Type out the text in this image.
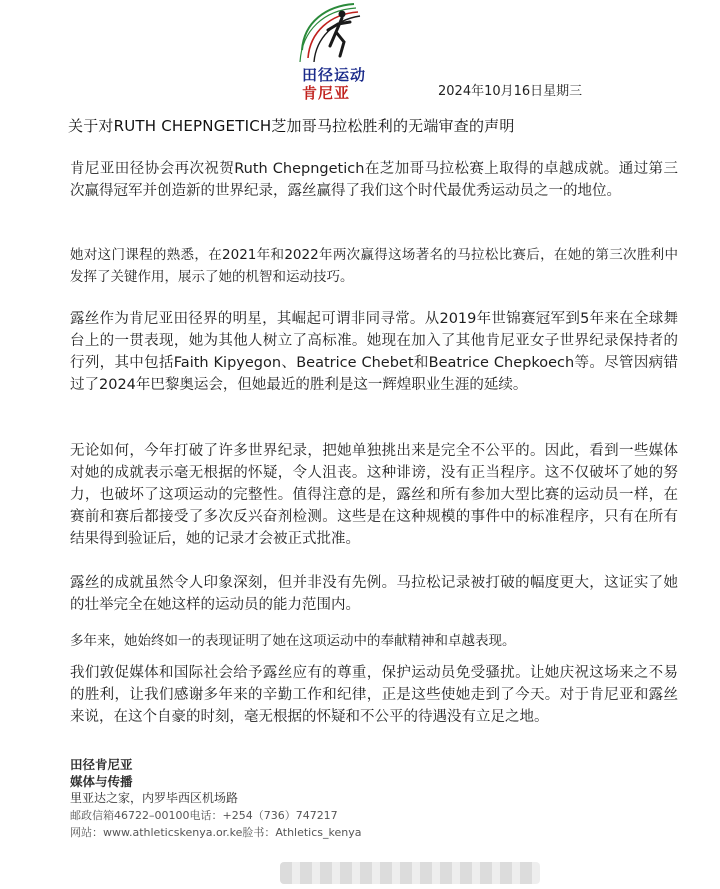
田径运动
肯尼亚	2024年10月16日星期三
关于对RUTH CHEPNGETICH芝加哥马拉松胜利的无端审查的声明
肯尼亚田径协会再次祝贺Ruth Chepngetich在芝加哥马拉松赛上取得的卓越成就。通过第三次赢得冠军并创造新的世界纪录，露丝赢得了我们这个时代最优秀运动员之一的地位。
她对这门课程的熟悉，在2021年和2022年两次赢得这场著名的马拉松比赛后，在她的第三次胜利中发挥了关键作用，展示了她的机智和运动技巧。
露丝作为肯尼亚田径界的明星，其崛起可谓非同寻常。从2019年世锦赛冠军到5年来在全球舞台上的一贯表现，她为其他人树立了高标准。她现在加入了其他肯尼亚女子世界纪录保持者的行列，其中包括Faith Kipyegon、Beatrice Chebet和Beatrice Chepkoech等。尽管因病错过了2024年巴黎奥运会，但她最近的胜利是这一辉煌职业生涯的延续。
无论如何，今年打破了许多世界纪录，把她单独挑出来是完全不公平的。因此，看到一些媒体对她的成就表示毫无根据的怀疑，令人沮丧。这种诽谤，没有正当程序。这不仅破坏了她的努力，也破坏了这项运动的完整性。值得注意的是，露丝和所有参加大型比赛的运动员一样，在赛前和赛后都接受了多次反兴奋剂检测。这些是在这种规模的事件中的标准程序，只有在所有结果得到验证后，她的记录才会被正式批准。
露丝的成就虽然令人印象深刻，但并非没有先例。马拉松记录被打破的幅度更大，这证实了她的壮举完全在她这样的运动员的能力范围内。
多年来，她始终如一的表现证明了她在这项运动中的奉献精神和卓越表现。
我们敦促媒体和国际社会给予露丝应有的尊重，保护运动员免受骚扰。让她庆祝这场来之不易的胜利，让我们感谢多年来的辛勤工作和纪律，正是这些使她走到了今天。对于肯尼亚和露丝来说，在这个自豪的时刻，毫无根据的怀疑和不公平的待遇没有立足之地。
田径肯尼亚
媒体与传播
里亚达之家，内罗毕西区机场路
邮政信箱46722–00100电话：+254（736）747217
网站：www.athleticskenya.or.ke脸书：Athletics_kenya
